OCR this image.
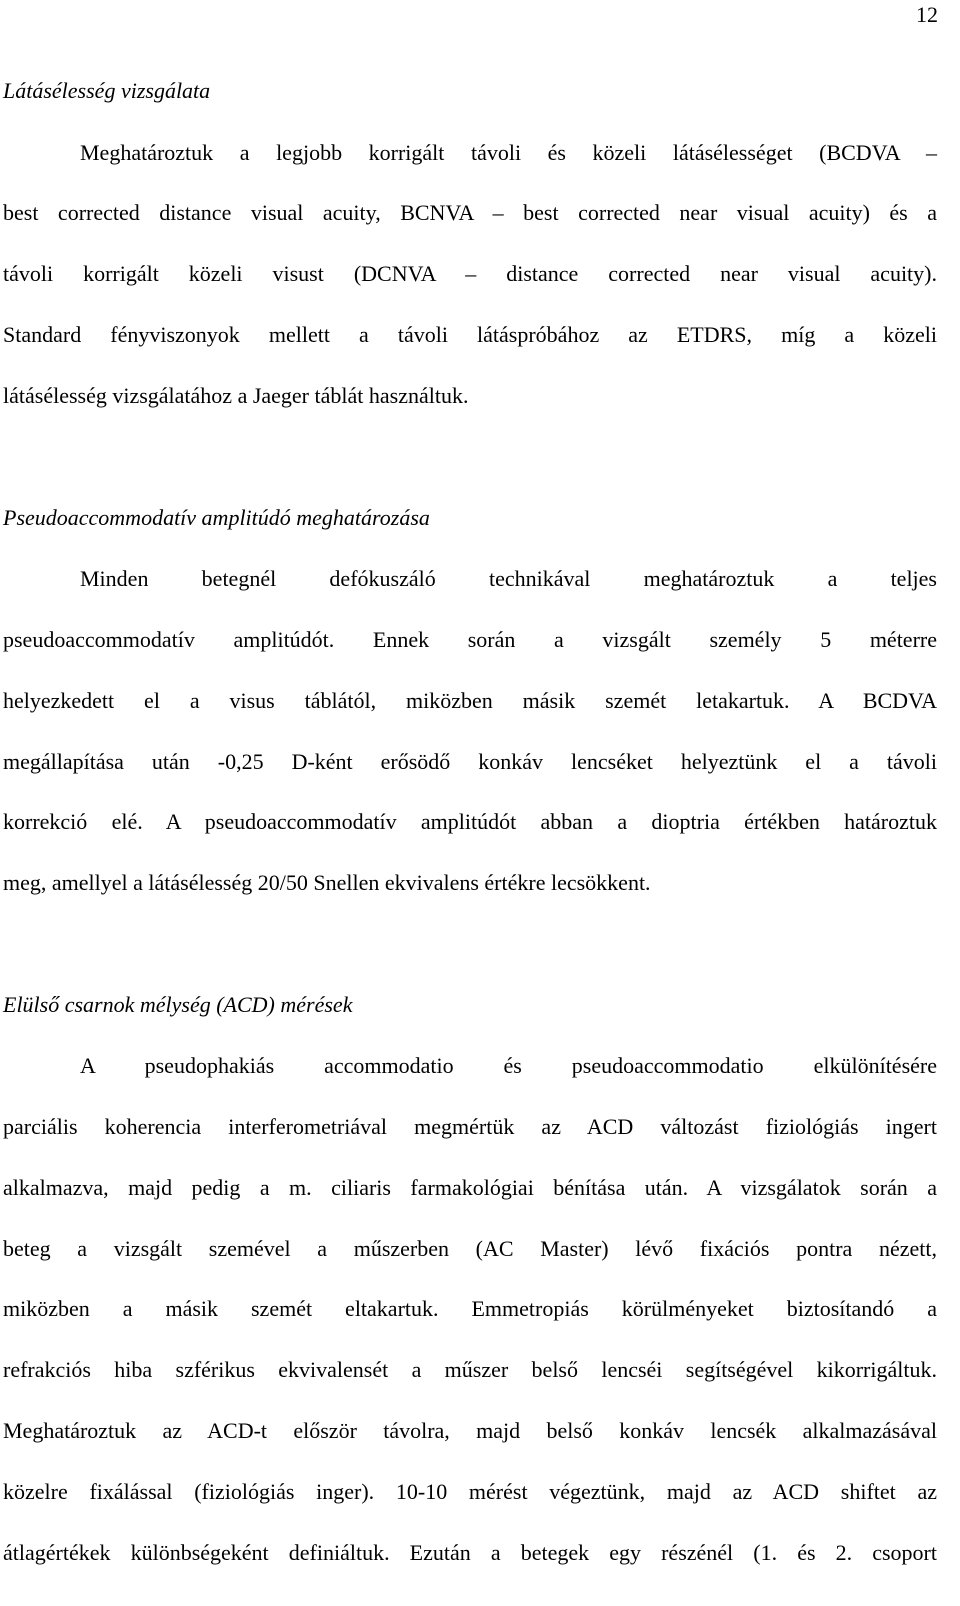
12
Látásélesség vizsgálata
Meghatároztuk a legjobb korrigált távoli és közeli látásélességet (BCDVA –
best corrected distance visual acuity, BCNVA – best corrected near visual acuity) és a
távoli korrigált közeli visust (DCNVA – distance corrected near visual acuity).
Standard fényviszonyok mellett a távoli látáspróbához az ETDRS, míg a közeli
látásélesség vizsgálatához a Jaeger táblát használtuk.
Pseudoaccommodatív amplitúdó meghatározása
Minden betegnél defókuszáló technikával meghatároztuk a teljes
pseudoaccommodatív amplitúdót. Ennek során a vizsgált személy 5 méterre
helyezkedett el a visus táblától, miközben másik szemét letakartuk. A BCDVA
megállapítása után -0,25 D-ként erősödő konkáv lencséket helyeztünk el a távoli
korrekció elé. A pseudoaccommodatív amplitúdót abban a dioptria értékben határoztuk
meg, amellyel a látásélesség 20/50 Snellen ekvivalens értékre lecsökkent.
Elülső csarnok mélység (ACD) mérések
A pseudophakiás accommodatio és pseudoaccommodatio elkülönítésére
parciális koherencia interferometriával megmértük az ACD változást fiziológiás ingert
alkalmazva, majd pedig a m. ciliaris farmakológiai bénítása után. A vizsgálatok során a
beteg a vizsgált szemével a műszerben (AC Master) lévő fixációs pontra nézett,
miközben a másik szemét eltakartuk. Emmetropiás körülményeket biztosítandó a
refrakciós hiba szférikus ekvivalensét a műszer belső lencséi segítségével kikorrigáltuk.
Meghatároztuk az ACD-t először távolra, majd belső konkáv lencsék alkalmazásával
közelre fixálással (fiziológiás inger). 10-10 mérést végeztünk, majd az ACD shiftet az
átlagértékek különbségeként definiáltuk. Ezután a betegek egy részénél (1. és 2. csoport
